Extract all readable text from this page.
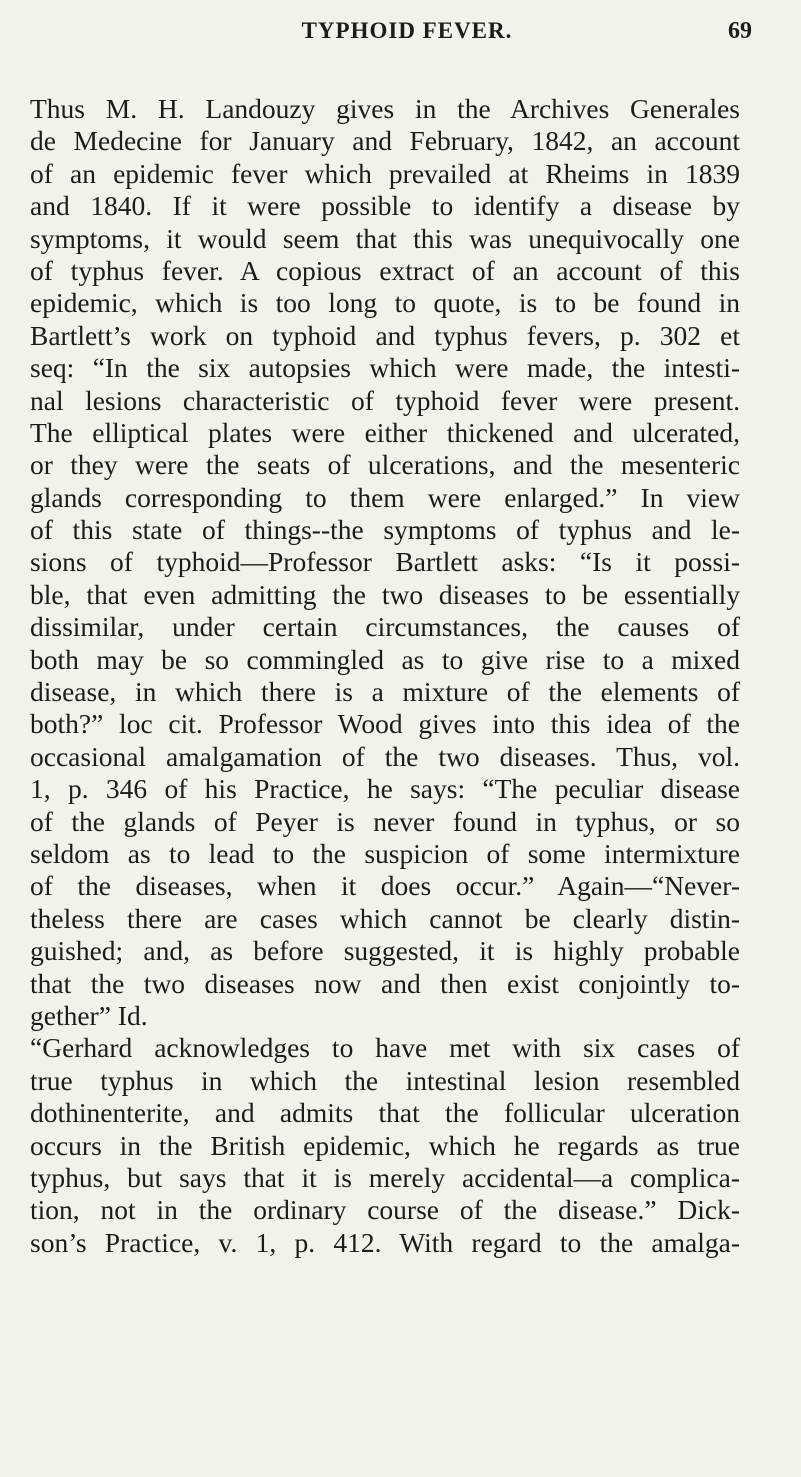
TYPHOID FEVER.	69
Thus M. H. Landouzy gives in the Archives Generales
de Medecine for January and February, 1842, an account
of an epidemic fever which prevailed at Rheims in 1839
and 1840. If it were possible to identify a disease by
symptoms, it would seem that this was unequivocally one
of typhus fever. A copious extract of an account of this
epidemic, which is too long to quote, is to be found in
Bartlett’s work on typhoid and typhus fevers, p. 302 et
seq: “In the six autopsies which were made, the intesti-
nal lesions characteristic of typhoid fever were present.
The elliptical plates were either thickened and ulcerated,
or they were the seats of ulcerations, and the mesenteric
glands corresponding to them were enlarged.” In view
of this state of things--the symptoms of typhus and le-
sions of typhoid—Professor Bartlett asks: “Is it possi-
ble, that even admitting the two diseases to be essentially
dissimilar, under certain circumstances, the causes of
both may be so commingled as to give rise to a mixed
disease, in which there is a mixture of the elements of
both?” loc cit. Professor Wood gives into this idea of the
occasional amalgamation of the two diseases. Thus, vol.
1, p. 346 of his Practice, he says: “The peculiar disease
of the glands of Peyer is never found in typhus, or so
seldom as to lead to the suspicion of some intermixture
of the diseases, when it does occur.” Again—“Never-
theless there are cases which cannot be clearly distin-
guished; and, as before suggested, it is highly probable
that the two diseases now and then exist conjointly to-
gether” Id.
“Gerhard acknowledges to have met with six cases of
true typhus in which the intestinal lesion resembled
dothinenterite, and admits that the follicular ulceration
occurs in the British epidemic, which he regards as true
typhus, but says that it is merely accidental—a complica-
tion, not in the ordinary course of the disease.” Dick-
son’s Practice, v. 1, p. 412. With regard to the amalga-
